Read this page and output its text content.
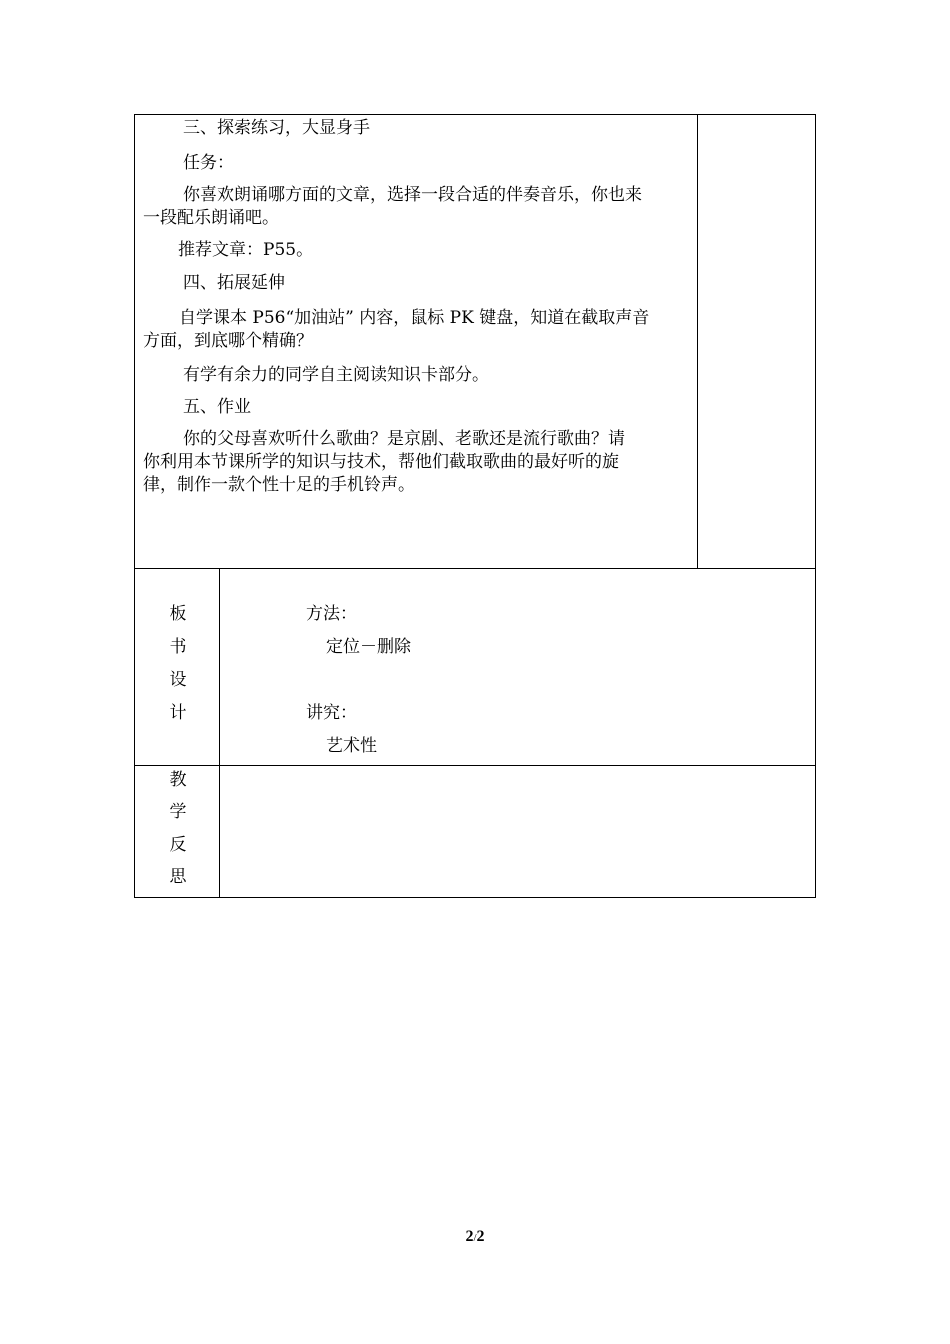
三、探索练习，大显身手

任务：

你喜欢朗诵哪方面的文章，选择一段合适的伴奏音乐，你也来

一段配乐朗诵吧。

推荐文章：P55。

四、拓展延伸

自学课本 P56“加油站” 内容，鼠标 PK 键盘，知道在截取声音

方面，到底哪个精确？

有学有余力的同学自主阅读知识卡部分。

五、作业

你的父母喜欢听什么歌曲？是京剧、老歌还是流行歌曲？请

你利用本节课所学的知识与技术，帮他们截取歌曲的最好听的旋

律，制作一款个性十足的手机铃声。

板
书
设
计

方法：

定位－删除

讲究：

艺术性

教
学
反
思
2/2
